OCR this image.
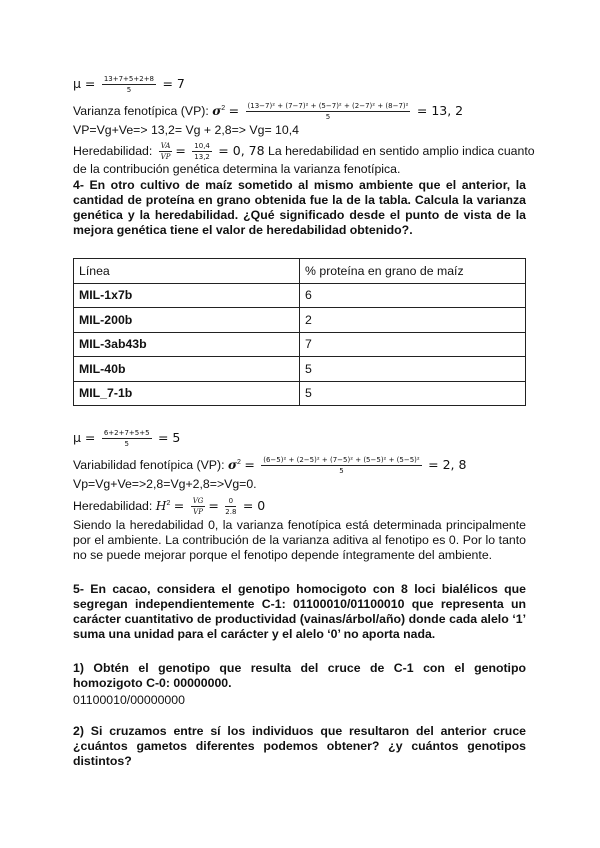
$\mu = \frac{13+7+5+2+8}{5} = 7$
Varianza fenotípica (VP): $\sigma^2 = \frac{\text{(13−7)² + (7−7)² + (5−7)² + (2−7)² + (8−7)²}}{5} = 13$, 2
VP=Vg+Ve=> 13,2= Vg + 2,8=> Vg= 10,4
Heredabilidad: $\frac{VA}{VP} = \frac{10,4}{13,2} = 0$, 78 La heredabilidad en sentido amplio indica cuanto
de la contribución genética determina la varianza fenotípica.
4- En otro cultivo de maíz sometido al mismo ambiente que el anterior, la cantidad de proteína en grano obtenida fue la de la tabla. Calcula la varianza genética y la heredabilidad. ¿Qué significado desde el punto de vista de la mejora genética tiene el valor de heredabilidad obtenido?.
Línea	% proteína en grano de maíz
MIL-1x7b	6
MIL-200b	2
MIL-3ab43b	7
MIL-40b	5
MIL_7-1b	5
$\mu = \frac{6+2+7+5+5}{5} = 5$
Variabilidad fenotípica (VP): $\sigma^2 = \frac{\text{(6−5)² + (2−5)² + (7−5)² + (5−5)² + (5−5)²}}{5} = 2$, 8
Vp=Vg+Ve=>2,8=Vg+2,8=>Vg=0.
Heredabilidad: $H^2 = \frac{VG}{VP} = \frac{0}{2.8} = 0$
Siendo la heredabilidad 0, la varianza fenotípica está determinada principalmente por el ambiente. La contribución de la varianza aditiva al fenotipo es 0. Por lo tanto no se puede mejorar porque el fenotipo depende íntegramente del ambiente.
5- En cacao, considera el genotipo homocigoto con 8 loci bialélicos que segregan independientemente C-1: 01100010/01100010 que representa un carácter cuantitativo de productividad (vainas/árbol/año) donde cada alelo ‘1’ suma una unidad para el carácter y el alelo ‘0’ no aporta nada.
1) Obtén el genotipo que resulta del cruce de C-1 con el genotipo homozigoto C-0: 00000000.
01100010/00000000
2) Si cruzamos entre sí los individuos que resultaron del anterior cruce ¿cuántos gametos diferentes podemos obtener? ¿y cuántos genotipos distintos?
